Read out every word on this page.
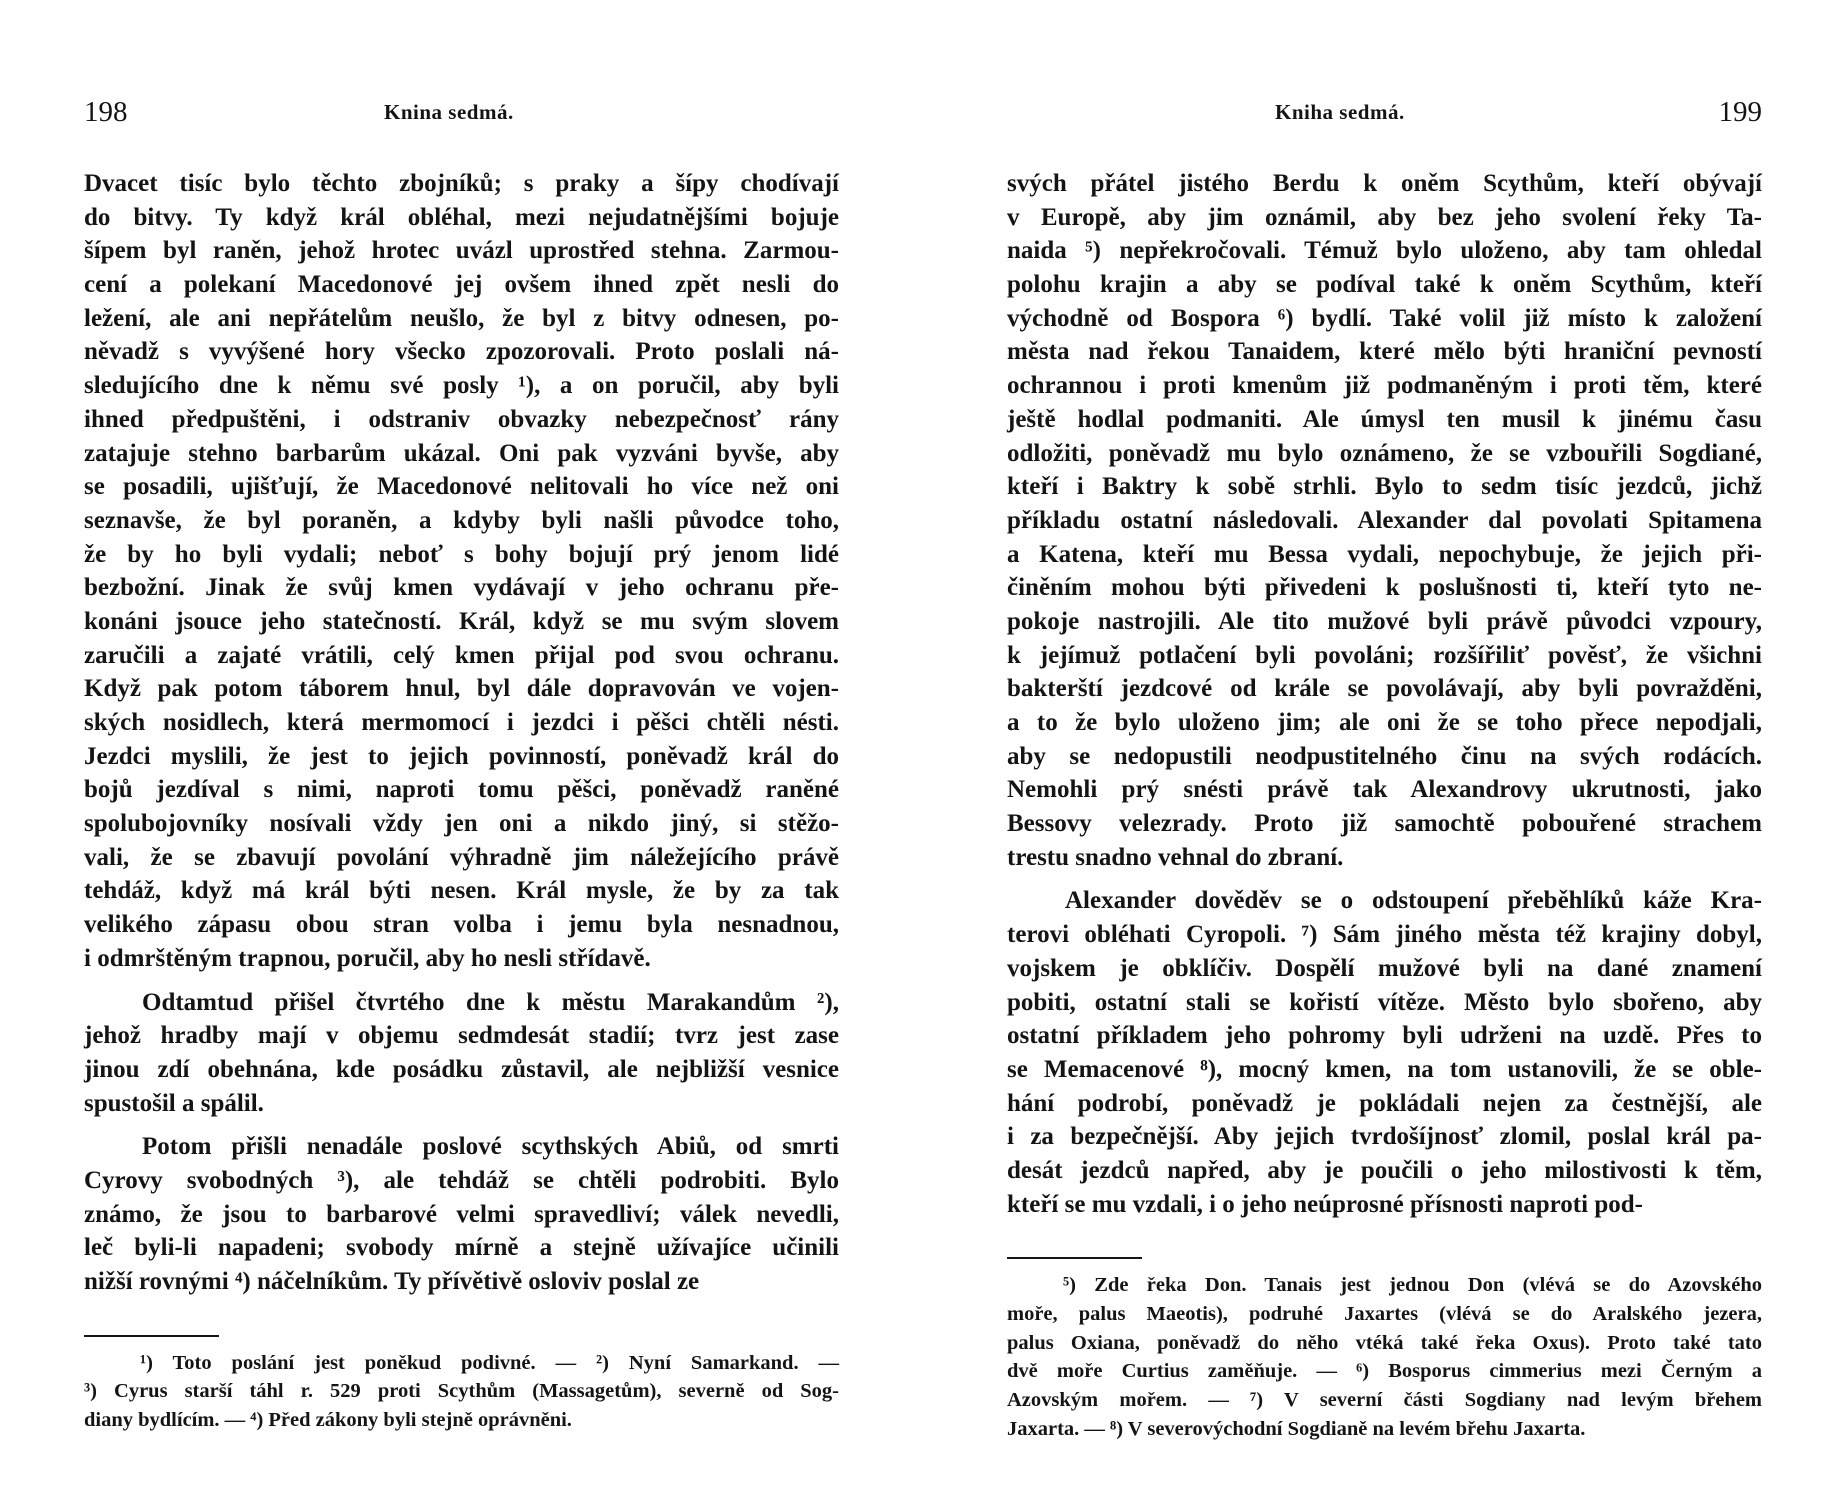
198	Knina sedmá.
Dvacet tisíc bylo těchto zbojníků; s praky a šípy chodívají
do bitvy. Ty když král obléhal, mezi nejudatnějšími bojuje
šípem byl raněn, jehož hrotec uvázl uprostřed stehna. Zarmou-
cení a polekaní Macedonové jej ovšem ihned zpět nesli do
ležení, ale ani nepřátelům neušlo, že byl z bitvy odnesen, po-
něvadž s vyvýšené hory všecko zpozorovali. Proto poslali ná-
sledujícího dne k němu své posly ¹), a on poručil, aby byli
ihned předpuštěni, i odstraniv obvazky nebezpečnosť rány
zatajuje stehno barbarům ukázal. Oni pak vyzváni byvše, aby
se posadili, ujišťují, že Macedonové nelitovali ho více než oni
seznavše, že byl poraněn, a kdyby byli našli původce toho,
že by ho byli vydali; neboť s bohy bojují prý jenom lidé
bezbožní. Jinak že svůj kmen vydávají v jeho ochranu pře-
konáni jsouce jeho statečností. Král, když se mu svým slovem
zaručili a zajaté vrátili, celý kmen přijal pod svou ochranu.
Když pak potom táborem hnul, byl dále dopravován ve vojen-
ských nosidlech, která mermomocí i jezdci i pěšci chtěli nésti.
Jezdci myslili, že jest to jejich povinností, poněvadž král do
bojů jezdíval s nimi, naproti tomu pěšci, poněvadž raněné
spolubojovníky nosívali vždy jen oni a nikdo jiný, si stěžo-
vali, že se zbavují povolání výhradně jim náležejícího právě
tehdáž, když má král býti nesen. Král mysle, že by za tak
velikého zápasu obou stran volba i jemu byla nesnadnou,
i odmrštěným trapnou, poručil, aby ho nesli střídavě.
Odtamtud přišel čtvrtého dne k městu Marakandům ²),
jehož hradby mají v objemu sedmdesát stadií; tvrz jest zase
jinou zdí obehnána, kde posádku zůstavil, ale nejbližší vesnice
spustošil a spálil.
Potom přišli nenadále poslové scythských Abiů, od smrti
Cyrovy svobodných ³), ale tehdáž se chtěli podrobiti. Bylo
známo, že jsou to barbarové velmi spravedliví; válek nevedli,
leč byli-li napadeni; svobody mírně a stejně užívajíce učinili
nižší rovnými ⁴) náčelníkům. Ty přívětivě osloviv poslal ze
¹) Toto poslání jest poněkud podivné. — ²) Nyní Samarkand. —
³) Cyrus starší táhl r. 529 proti Scythům (Massagetům), severně od Sog-
diany bydlícím. — ⁴) Před zákony byli stejně oprávněni.
199
Kniha sedmá.
svých přátel jistého Berdu k oněm Scythům, kteří obývají
v Europě, aby jim oznámil, aby bez jeho svolení řeky Ta-
naida ⁵) nepřekročovali. Témuž bylo uloženo, aby tam ohledal
polohu krajin a aby se podíval také k oněm Scythům, kteří
východně od Bospora ⁶) bydlí. Také volil již místo k založení
města nad řekou Tanaidem, které mělo býti hraniční pevností
ochrannou i proti kmenům již podmaněným i proti těm, které
ještě hodlal podmaniti. Ale úmysl ten musil k jinému času
odložiti, poněvadž mu bylo oznámeno, že se vzbouřili Sogdiané,
kteří i Baktry k sobě strhli. Bylo to sedm tisíc jezdců, jichž
příkladu ostatní následovali. Alexander dal povolati Spitamena
a Katena, kteří mu Bessa vydali, nepochybuje, že jejich při-
činěním mohou býti přivedeni k poslušnosti ti, kteří tyto ne-
pokoje nastrojili. Ale tito mužové byli právě původci vzpoury,
k jejímuž potlačení byli povoláni; rozšířiliť pověsť, že všichni
bakterští jezdcové od krále se povolávají, aby byli povražděni,
a to že bylo uloženo jim; ale oni že se toho přece nepodjali,
aby se nedopustili neodpustitelného činu na svých rodácích.
Nemohli prý snésti právě tak Alexandrovy ukrutnosti, jako
Bessovy velezrady. Proto již samochtě pobouřené strachem
trestu snadno vehnal do zbraní.
Alexander dověděv se o odstoupení přeběhlíků káže Kra-
terovi obléhati Cyropoli. ⁷) Sám jiného města též krajiny dobyl,
vojskem je obklíčiv. Dospělí mužové byli na dané znamení
pobiti, ostatní stali se kořistí vítěze. Město bylo sbořeno, aby
ostatní příkladem jeho pohromy byli udrženi na uzdě. Přes to
se Memacenové ⁸), mocný kmen, na tom ustanovili, že se oble-
hání podrobí, poněvadž je pokládali nejen za čestnější, ale
i za bezpečnější. Aby jejich tvrdošíjnosť zlomil, poslal král pa-
desát jezdců napřed, aby je poučili o jeho milostivosti k těm,
kteří se mu vzdali, i o jeho neúprosné přísnosti naproti pod-
⁵) Zde řeka Don. Tanais jest jednou Don (vlévá se do Azovského
moře, palus Maeotis), podruhé Jaxartes (vlévá se do Aralského jezera,
palus Oxiana, poněvadž do něho vtéká také řeka Oxus). Proto také tato
dvě moře Curtius zaměňuje. — ⁶) Bosporus cimmerius mezi Černým a
Azovským mořem. — ⁷) V severní části Sogdiany nad levým břehem
Jaxarta. — ⁸) V severovýchodní Sogdianě na levém břehu Jaxarta.
